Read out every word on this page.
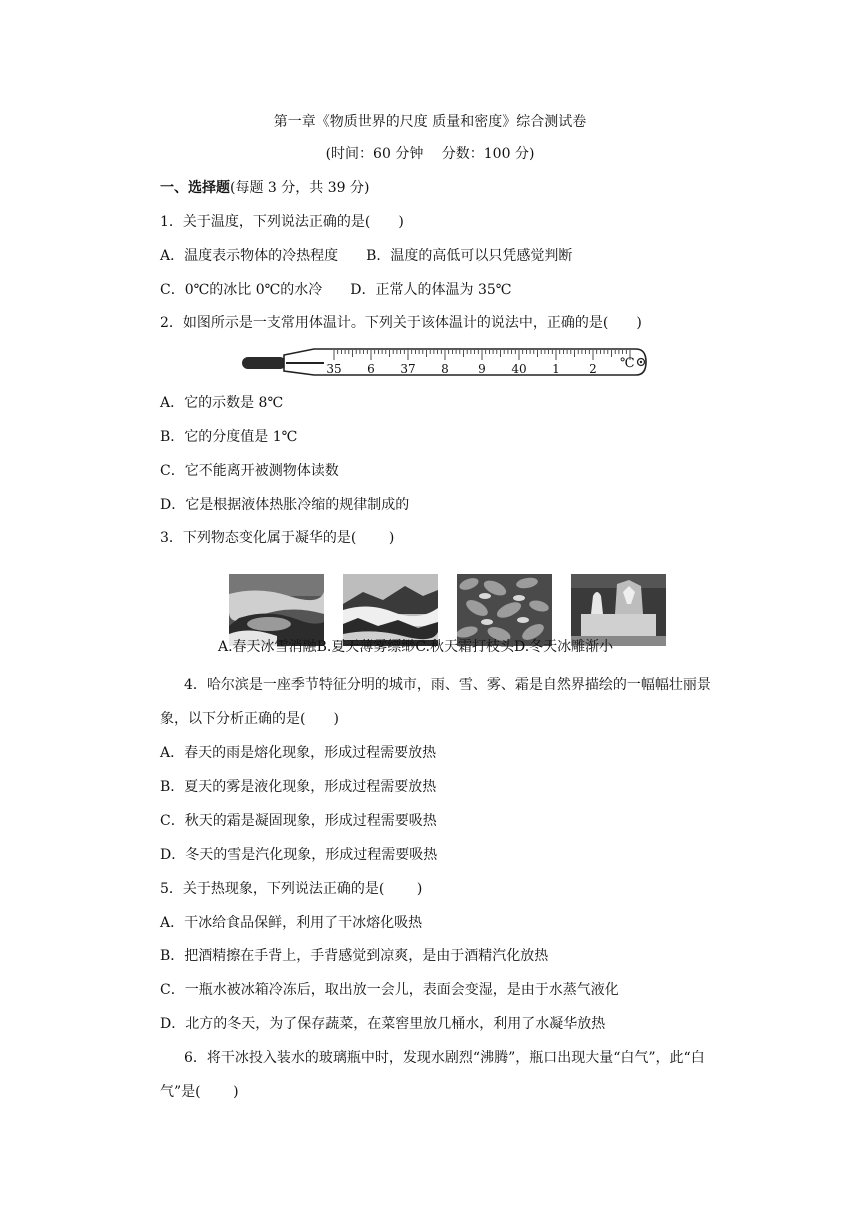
第一章《物质世界的尺度 质量和密度》综合测试卷
(时间：60 分钟　 分数：100 分)
一、选择题(每题 3 分，共 39 分)
1．关于温度，下列说法正确的是(　　)
A．温度表示物体的冷热程度　　B．温度的高低可以只凭感觉判断
C．0℃的冰比 0℃的水冷　　D．正常人的体温为 35℃
2．如图所示是一支常用体温计。下列关于该体温计的说法中，正确的是(　　)
35 6 37 8 9 40 1 2 ℃
A．它的示数是 8℃
B．它的分度值是 1℃
C．它不能离开被测物体读数
D．它是根据液体热胀冷缩的规律制成的
3．下列物态变化属于凝华的是(　　 )
A.春天冰雪消融B.夏天薄雾缥缈C.秋天霜打枝头D.冬天冰雕渐小
4．哈尔滨是一座季节特征分明的城市，雨、雪、雾、霜是自然界描绘的一幅幅壮丽景
象，以下分析正确的是(　　)
A．春天的雨是熔化现象，形成过程需要放热
B．夏天的雾是液化现象，形成过程需要放热
C．秋天的霜是凝固现象，形成过程需要吸热
D．冬天的雪是汽化现象，形成过程需要吸热
5．关于热现象，下列说法正确的是(　　 )
A．干冰给食品保鲜，利用了干冰熔化吸热
B．把酒精擦在手背上，手背感觉到凉爽，是由于酒精汽化放热
C．一瓶水被冰箱冷冻后，取出放一会儿，表面会变湿，是由于水蒸气液化
D．北方的冬天，为了保存蔬菜，在菜窖里放几桶水，利用了水凝华放热
6．将干冰投入装水的玻璃瓶中时，发现水剧烈“沸腾”，瓶口出现大量“白气”，此“白
气”是(　　 )
